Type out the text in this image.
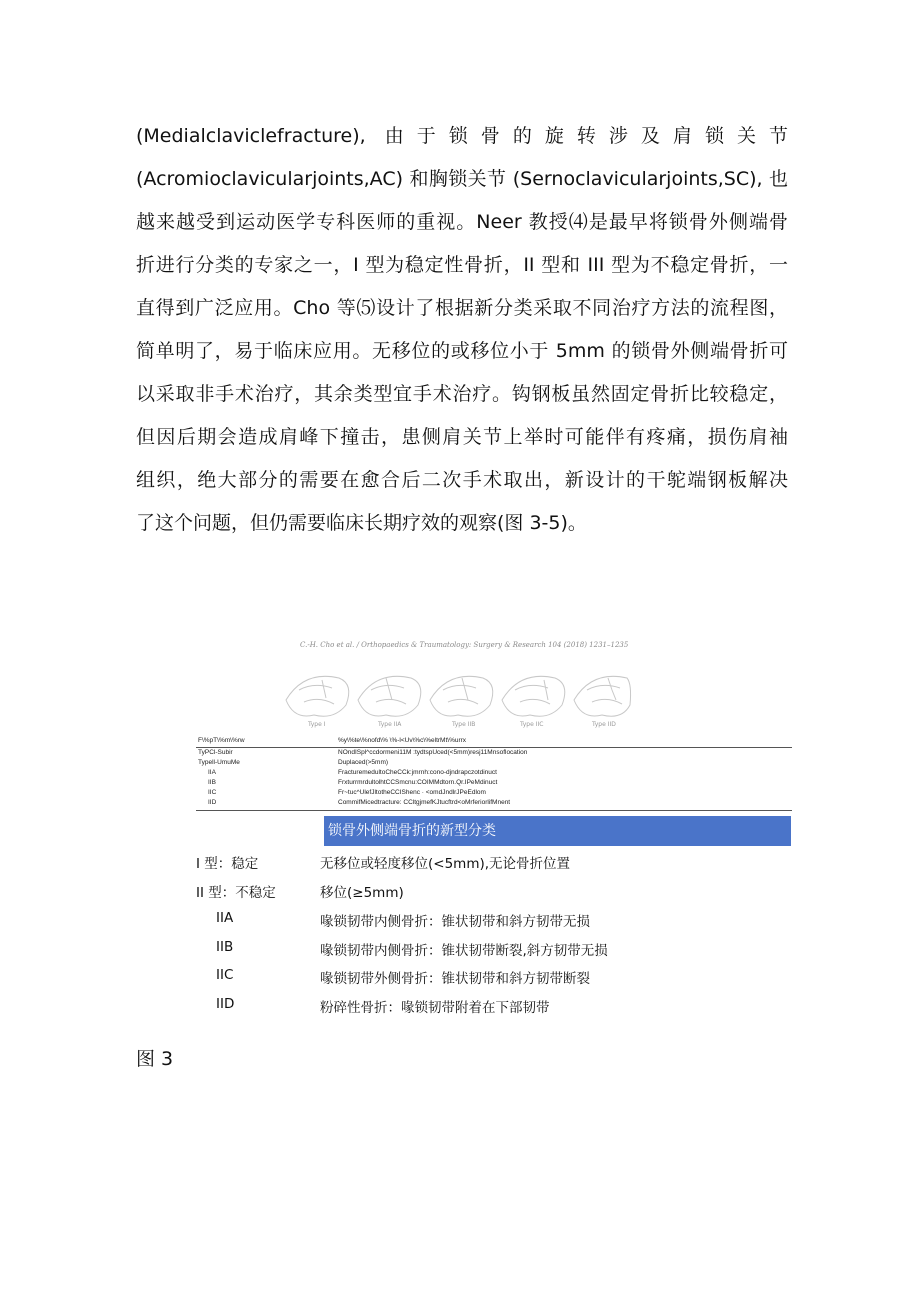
(Medialclaviclefracture), 由于锁骨的旋转涉及肩锁关节
(Acromioclavicularjoints,AC) 和胸锁关节 (Sernoclavicularjoints,SC), 也
越来越受到运动医学专科医师的重视。Neer 教授⑷是最早将锁骨外侧端骨
折进行分类的专家之一，I 型为稳定性骨折，II 型和 III 型为不稳定骨折，一
直得到广泛应用。Cho 等⑸设计了根据新分类采取不同治疗方法的流程图，
简单明了，易于临床应用。无移位的或移位小于 5mm 的锁骨外侧端骨折可
以采取非手术治疗，其余类型宜手术治疗。钩钢板虽然固定骨折比较稳定，
但因后期会造成肩峰下撞击，患侧肩关节上举时可能伴有疼痛，损伤肩袖
组织，绝大部分的需要在愈合后二次手术取出，新设计的干鸵端钢板解决
了这个问题，但仍需要临床长期疗效的观察(图 3-5)。
C.-H. Cho et al. / Orthopaedics & Traumatology: Surgery & Research 104 (2018) 1231–1235
Type I	Type IIA	Type IIB	Type IIC	Type IID
F\%pT\%m\%rw	%y\%te\%nofd\% \%-l<Uv\%c\%eltrMt\%urrx
TyPCl-Subir	NOndISpl^ccdormeni11M :tydtspUced(<5mm)resj11Mnsoflocation
Typell-UmuMe	Duplaced(>5mm)
IIA	FracturemedultoCheCCk:jmrnh:cono-djndrapczotdinuct
IIB	FrxturrmrdultolhtCCSmcnu:COIMMdtorn.Qr.IPeMdinuct
IIC	Fr~tuc^UlefJltotheCCIShenc · <omdJndlrJPeEdlom
IID	CommifMicedtracture: CCltgjmefKJtucftrd<oMrferiorlifMnent
锁骨外侧端骨折的新型分类
I 型：稳定	无移位或轻度移位(<5mm),无论骨折位置
II 型：不稳定	移位(≥5mm)
IIA	喙锁韧带内侧骨折：锥状韧带和斜方韧带无损
IIB	喙锁韧带内侧骨折：锥状韧带断裂,斜方韧带无损
IIC	喙锁韧带外侧骨折：锥状韧带和斜方韧带断裂
IID	粉碎性骨折：喙锁韧带附着在下部韧带
图 3
